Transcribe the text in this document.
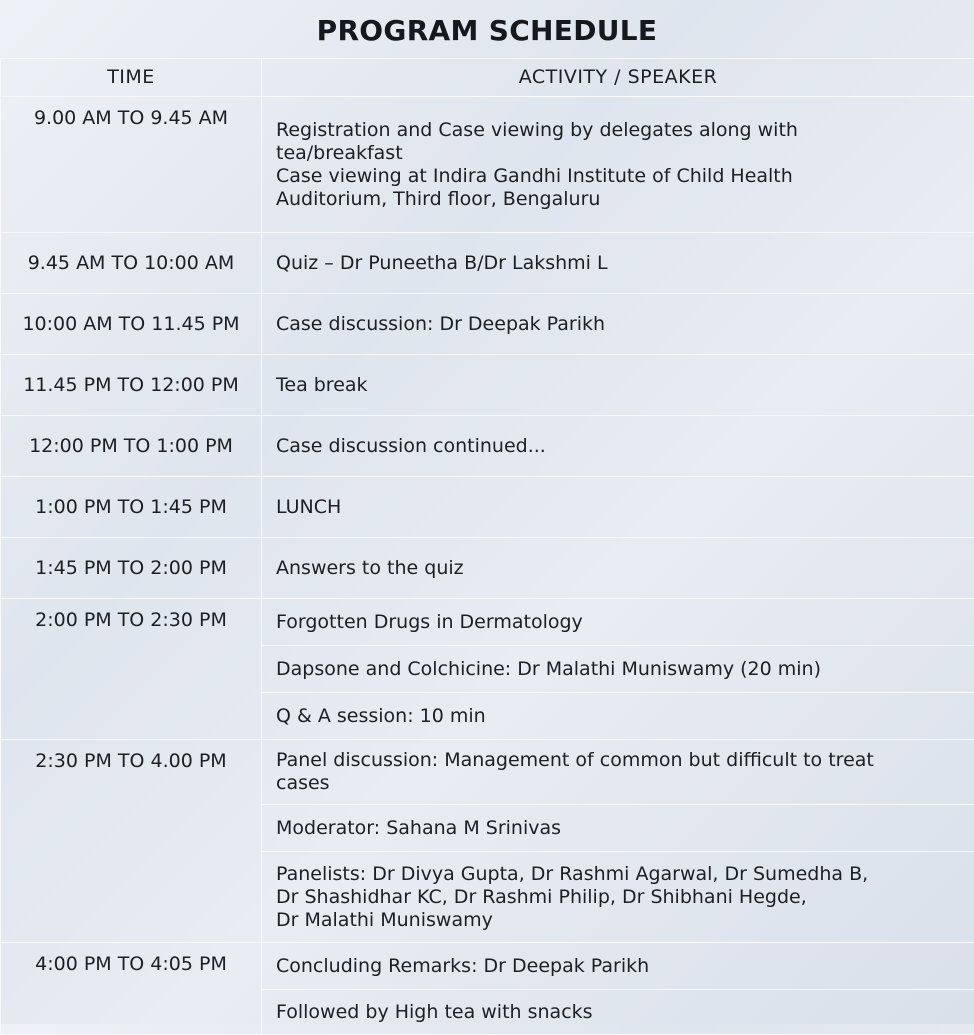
PROGRAM SCHEDULE
TIME	ACTIVITY / SPEAKER
9.00 AM TO 9.45 AM	Registration and Case viewing by delegates along with
tea/breakfast
Case viewing at Indira Gandhi Institute of Child Health
Auditorium, Third floor, Bengaluru

9.45 AM TO 10:00 AM	Quiz – Dr Puneetha B/Dr Lakshmi L
10:00 AM TO 11.45 PM	Case discussion: Dr Deepak Parikh
11.45 PM TO 12:00 PM	Tea break
12:00 PM TO 1:00 PM	Case discussion continued...
1:00 PM TO 1:45 PM	LUNCH
1:45 PM TO 2:00 PM	Answers to the quiz
2:00 PM TO 2:30 PM	Forgotten Drugs in Dermatology
	Dapsone and Colchicine: Dr Malathi Muniswamy (20 min)
	Q & A session: 10 min
2:30 PM TO 4.00 PM	Panel discussion: Management of common but difficult to treat
cases

	Moderator: Sahana M Srinivas

	Panelists: Dr Divya Gupta, Dr Rashmi Agarwal, Dr Sumedha B,
Dr Shashidhar KC, Dr Rashmi Philip, Dr Shibhani Hegde,
Dr Malathi Muniswamy

4:00 PM TO 4:05 PM	Concluding Remarks: Dr Deepak Parikh
	Followed by High tea with snacks
